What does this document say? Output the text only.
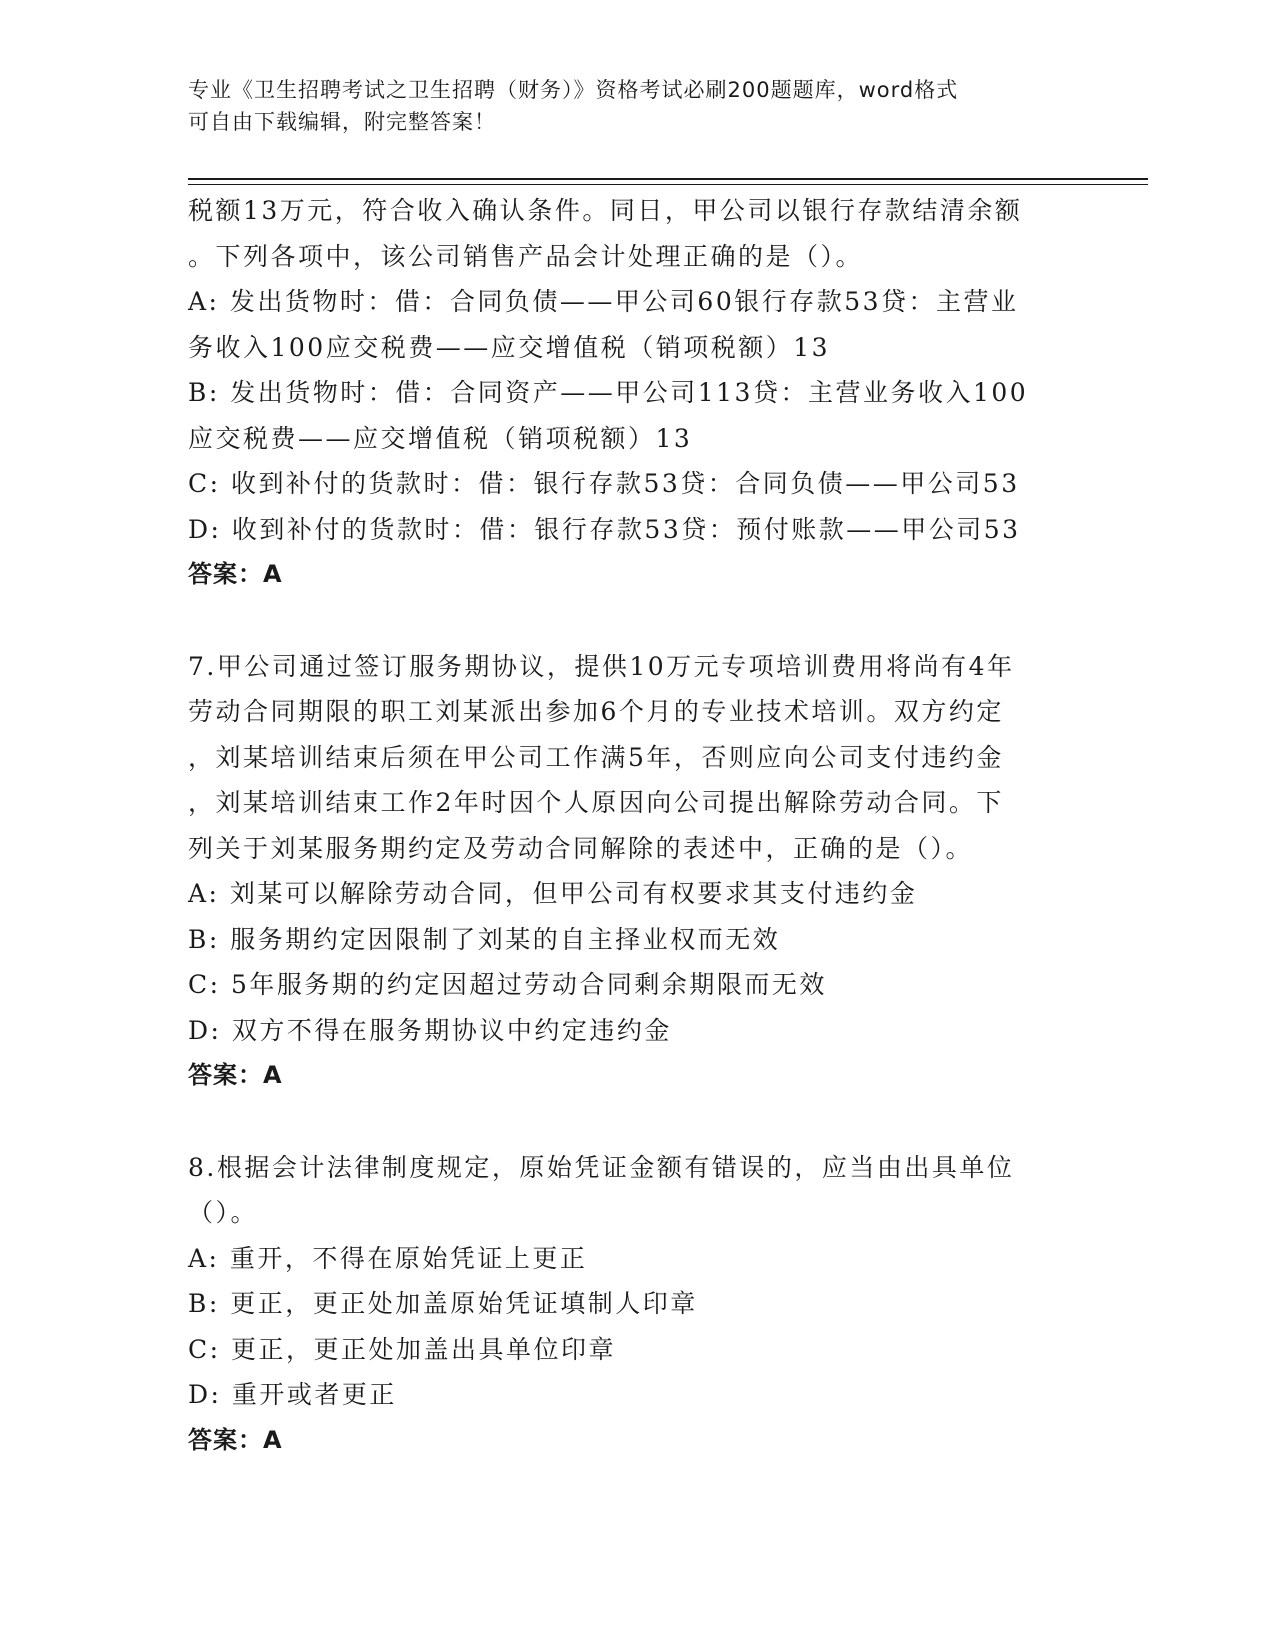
专业《卫生招聘考试之卫生招聘（财务）》资格考试必刷200题题库，word格式
可自由下载编辑，附完整答案！
税额13万元，符合收入确认条件。同日，甲公司以银行存款结清余额
。下列各项中，该公司销售产品会计处理正确的是（）。
A: 发出货物时：借：合同负债——甲公司60银行存款53贷：主营业
务收入100应交税费——应交增值税（销项税额）13
B: 发出货物时：借：合同资产——甲公司113贷：主营业务收入100
应交税费——应交增值税（销项税额）13
C: 收到补付的货款时：借：银行存款53贷：合同负债——甲公司53
D: 收到补付的货款时：借：银行存款53贷：预付账款——甲公司53
答案：A
7.甲公司通过签订服务期协议，提供10万元专项培训费用将尚有4年
劳动合同期限的职工刘某派出参加6个月的专业技术培训。双方约定
，刘某培训结束后须在甲公司工作满5年，否则应向公司支付违约金
，刘某培训结束工作2年时因个人原因向公司提出解除劳动合同。下
列关于刘某服务期约定及劳动合同解除的表述中，正确的是（）。
A: 刘某可以解除劳动合同，但甲公司有权要求其支付违约金
B: 服务期约定因限制了刘某的自主择业权而无效
C: 5年服务期的约定因超过劳动合同剩余期限而无效
D: 双方不得在服务期协议中约定违约金
答案：A
8.根据会计法律制度规定，原始凭证金额有错误的，应当由出具单位
（）。
A: 重开，不得在原始凭证上更正
B: 更正，更正处加盖原始凭证填制人印章
C: 更正，更正处加盖出具单位印章
D: 重开或者更正
答案：A
